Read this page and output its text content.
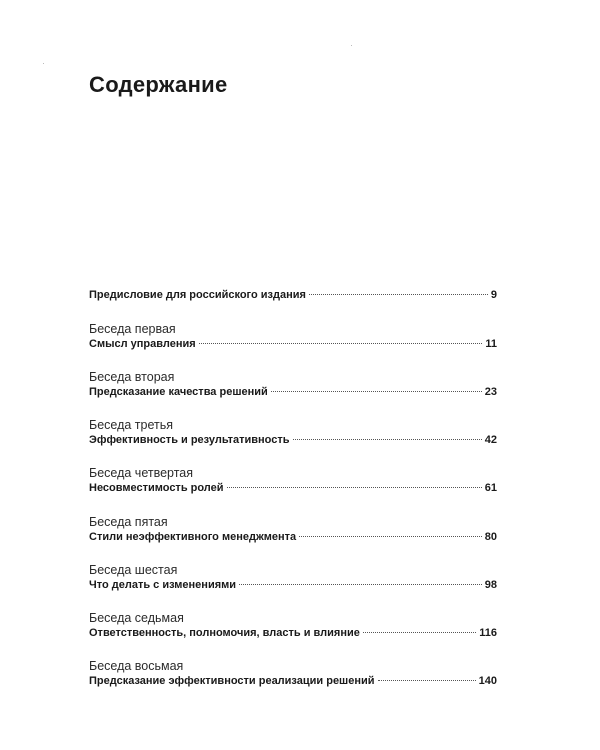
Содержание
Предисловие для российского издания	9
Беседа первая
Смысл управления	11
Беседа вторая
Предсказание качества решений	23
Беседа третья
Эффективность и результативность	42
Беседа четвертая
Несовместимость ролей	61
Беседа пятая
Стили неэффективного менеджмента	80
Беседа шестая
Что делать с изменениями	98
Беседа седьмая
Ответственность, полномочия, власть и влияние	116
Беседа восьмая
Предсказание эффективности реализации решений	140
